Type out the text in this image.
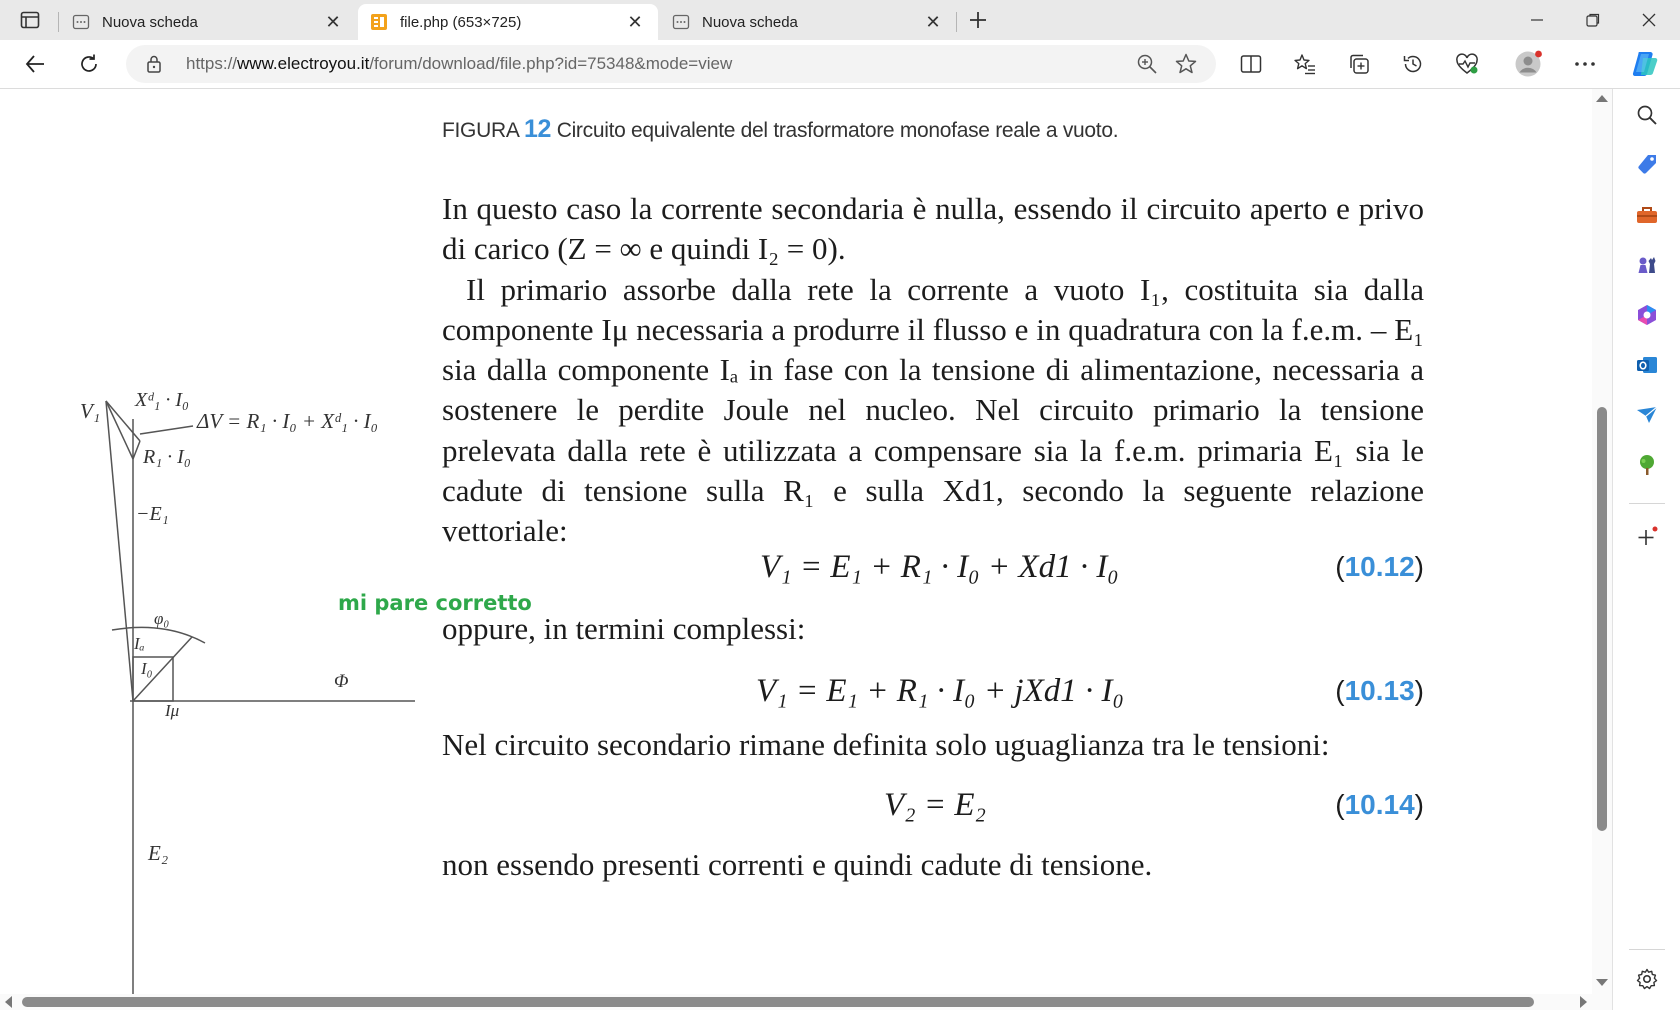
Nuova scheda	✕	file.php (653×725)	✕	Nuova scheda	✕
https://www.electroyou.it/forum/download/file.php?id=75348&mode=view
FIGURA 12 Circuito equivalente del trasformatore monofase reale a vuoto.
V₁ Xᵈ₁ · I₀
ΔV = R₁ · I₀ + Xᵈ₁ · I₀
R₁ · I₀
−E₁
φ₀
Iₐ
I₀
Iμ
Φ
E₂
mi pare corretto

In questo caso la corrente secondaria è nulla, essendo il circuito aperto e privo di carico (Z = ∞ e quindi I₂ = 0).

Il primario assorbe dalla rete la corrente a vuoto I₁, costituita sia dalla componente Iμ necessaria a produrre il flusso e in quadratura con la f.e.m. – E₁ sia dalla componente Iₐ in fase con la tensione di alimentazione, necessaria a sostenere le perdite Joule nel nucleo. Nel circuito primario la tensione prelevata dalla rete è utilizzata a compensare sia la f.e.m. primaria E₁ sia le cadute di tensione sulla R₁ e sulla Xd1, secondo la seguente relazione vettoriale:

V₁ = E₁ + R₁ · I₀ + Xd1 · I₀	(10.12)
oppure, in termini complessi:
V₁ = E₁ + R₁ · I₀ + jXd1 · I₀	(10.13)
Nel circuito secondario rimane definita solo uguaglianza tra le tensioni:
V₂ = E₂	(10.14)
non essendo presenti correnti e quindi cadute di tensione.
